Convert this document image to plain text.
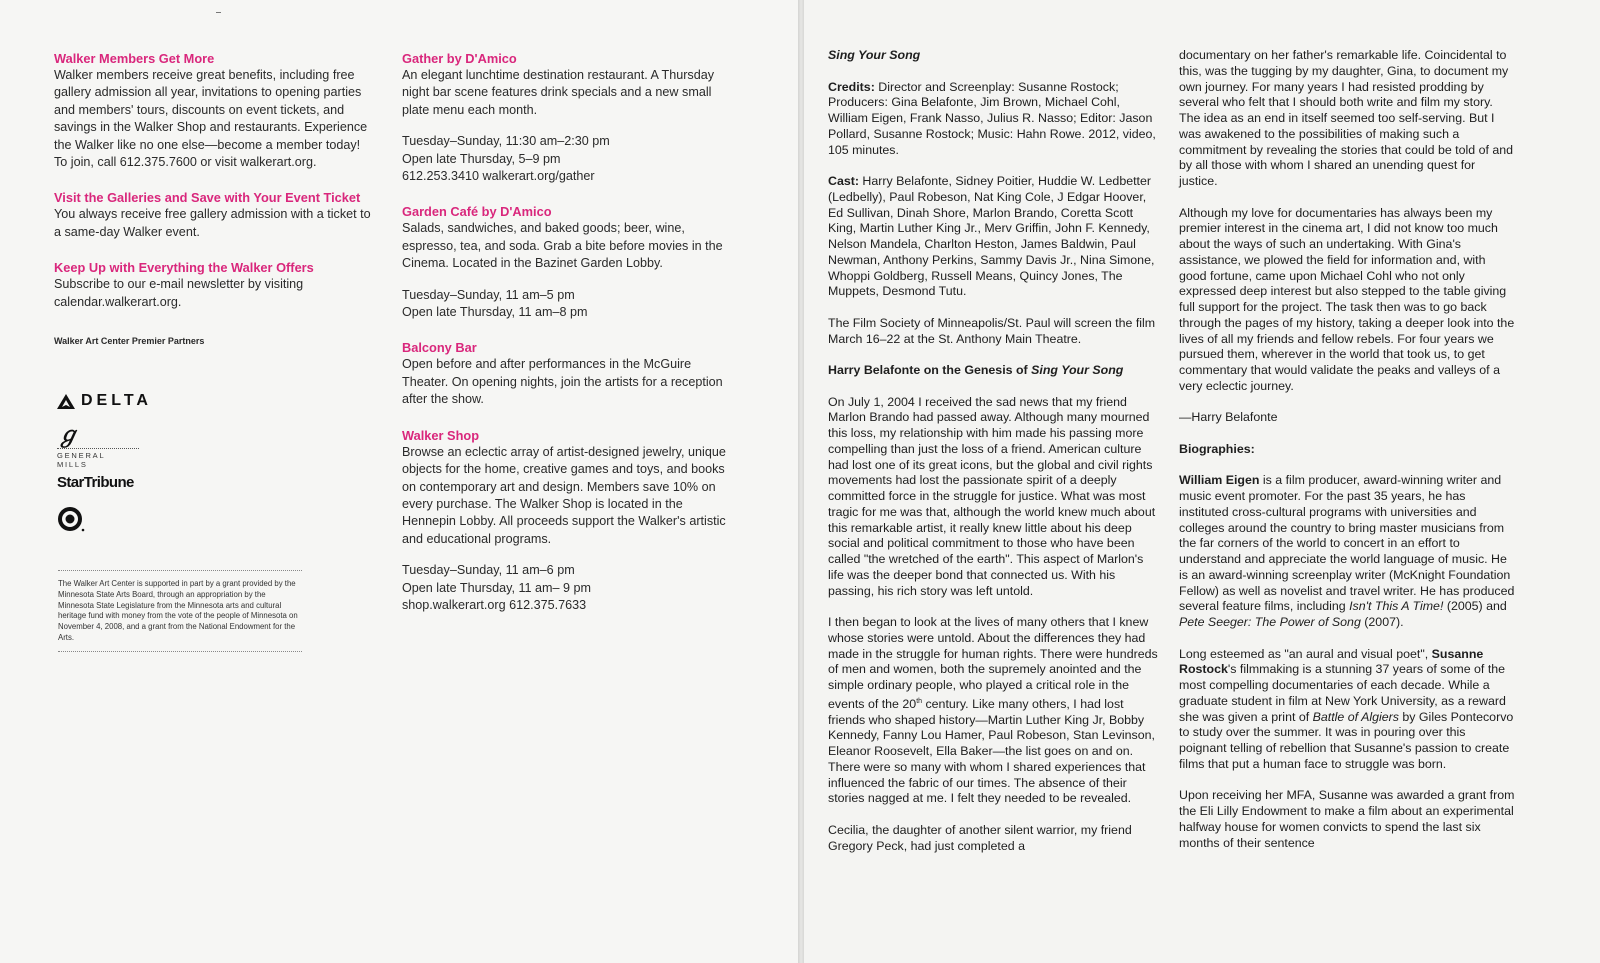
Walker Members Get More

Walker members receive great benefits, including free gallery admission all year, invitations to opening parties and members' tours, discounts on event tickets, and savings in the Walker Shop and restaurants. Experience the Walker like no one else—become a member today! To join, call 612.375.7600 or visit walkerart.org.

Visit the Galleries and Save with Your Event Ticket

You always receive free gallery admission with a ticket to a same-day Walker event.

Keep Up with Everything the Walker Offers

Subscribe to our e-mail newsletter by visiting calendar.walkerart.org.

Walker Art Center Premier Partners

DELTA
ℊ
GENERAL MILLS
StarTribune
The Walker Art Center is supported in part by a grant provided by the Minnesota State Arts Board, through an appropriation by the Minnesota State Legislature from the Minnesota arts and cultural heritage fund with money from the vote of the people of Minnesota on November 4, 2008, and a grant from the National Endowment for the Arts.

Gather by D'Amico

An elegant lunchtime destination restaurant. A Thursday night bar scene features drink specials and a new small plate menu each month.

Tuesday–Sunday, 11:30 am–2:30 pm

Open late Thursday, 5–9 pm

612.253.3410 walkerart.org/gather

Garden Café by D'Amico

Salads, sandwiches, and baked goods; beer, wine, espresso, tea, and soda. Grab a bite before movies in the Cinema. Located in the Bazinet Garden Lobby.

Tuesday–Sunday, 11 am–5 pm

Open late Thursday, 11 am–8 pm

Balcony Bar

Open before and after performances in the McGuire Theater. On opening nights, join the artists for a reception after the show.

Walker Shop

Browse an eclectic array of artist-designed jewelry, unique objects for the home, creative games and toys, and books on contemporary art and design. Members save 10% on every purchase. The Walker Shop is located in the Hennepin Lobby. All proceeds support the Walker's artistic and educational programs.

Tuesday–Sunday, 11 am–6 pm

Open late Thursday, 11 am– 9 pm

shop.walkerart.org 612.375.7633

Sing Your Song

Credits: Director and Screenplay: Susanne Rostock; Producers: Gina Belafonte, Jim Brown, Michael Cohl, William Eigen, Frank Nasso, Julius R. Nasso; Editor: Jason Pollard, Susanne Rostock; Music: Hahn Rowe. 2012, video, 105 minutes.

Cast: Harry Belafonte, Sidney Poitier, Huddie W. Ledbetter (Ledbelly), Paul Robeson, Nat King Cole, J Edgar Hoover, Ed Sullivan, Dinah Shore, Marlon Brando, Coretta Scott King, Martin Luther King Jr., Merv Griffin, John F. Kennedy, Nelson Mandela, Charlton Heston, James Baldwin, Paul Newman, Anthony Perkins, Sammy Davis Jr., Nina Simone, Whoppi Goldberg, Russell Means, Quincy Jones, The Muppets, Desmond Tutu.

The Film Society of Minneapolis/St. Paul will screen the film March 16–22 at the St. Anthony Main Theatre.

Harry Belafonte on the Genesis of Sing Your Song

On July 1, 2004 I received the sad news that my friend Marlon Brando had passed away. Although many mourned this loss, my relationship with him made his passing more compelling than just the loss of a friend. American culture had lost one of its great icons, but the global and civil rights movements had lost the passionate spirit of a deeply committed force in the struggle for justice. What was most tragic for me was that, although the world knew much about this remarkable artist, it really knew little about his deep social and political commitment to those who have been called "the wretched of the earth". This aspect of Marlon's life was the deeper bond that connected us. With his passing, his rich story was left untold.

I then began to look at the lives of many others that I knew whose stories were untold. About the differences they had made in the struggle for human rights. There were hundreds of men and women, both the supremely anointed and the simple ordinary people, who played a critical role in the events of the 20th century. Like many others, I had lost friends who shaped history—Martin Luther King Jr, Bobby Kennedy, Fanny Lou Hamer, Paul Robeson, Stan Levinson, Eleanor Roosevelt, Ella Baker—the list goes on and on. There were so many with whom I shared experiences that influenced the fabric of our times. The absence of their stories nagged at me. I felt they needed to be revealed.

Cecilia, the daughter of another silent warrior, my friend Gregory Peck, had just completed a

documentary on her father's remarkable life. Coincidental to this, was the tugging by my daughter, Gina, to document my own journey. For many years I had resisted prodding by several who felt that I should both write and film my story. The idea as an end in itself seemed too self-serving. But I was awakened to the possibilities of making such a commitment by revealing the stories that could be told of and by all those with whom I shared an unending quest for justice.

Although my love for documentaries has always been my premier interest in the cinema art, I did not know too much about the ways of such an undertaking. With Gina's assistance, we plowed the field for information and, with good fortune, came upon Michael Cohl who not only expressed deep interest but also stepped to the table giving full support for the project. The task then was to go back through the pages of my history, taking a deeper look into the lives of all my friends and fellow rebels. For four years we pursued them, wherever in the world that took us, to get commentary that would validate the peaks and valleys of a very eclectic journey.

—Harry Belafonte

Biographies:

William Eigen is a film producer, award-winning writer and music event promoter. For the past 35 years, he has instituted cross-cultural programs with universities and colleges around the country to bring master musicians from the far corners of the world to concert in an effort to understand and appreciate the world language of music. He is an award-winning screenplay writer (McKnight Foundation Fellow) as well as novelist and travel writer. He has produced several feature films, including Isn't This A Time! (2005) and Pete Seeger: The Power of Song (2007).

Long esteemed as "an aural and visual poet", Susanne Rostock's filmmaking is a stunning 37 years of some of the most compelling documentaries of each decade. While a graduate student in film at New York University, as a reward she was given a print of Battle of Algiers by Giles Pontecorvo to study over the summer. It was in pouring over this poignant telling of rebellion that Susanne's passion to create films that put a human face to struggle was born.

Upon receiving her MFA, Susanne was awarded a grant from the Eli Lilly Endowment to make a film about an experimental halfway house for women convicts to spend the last six months of their sentence
